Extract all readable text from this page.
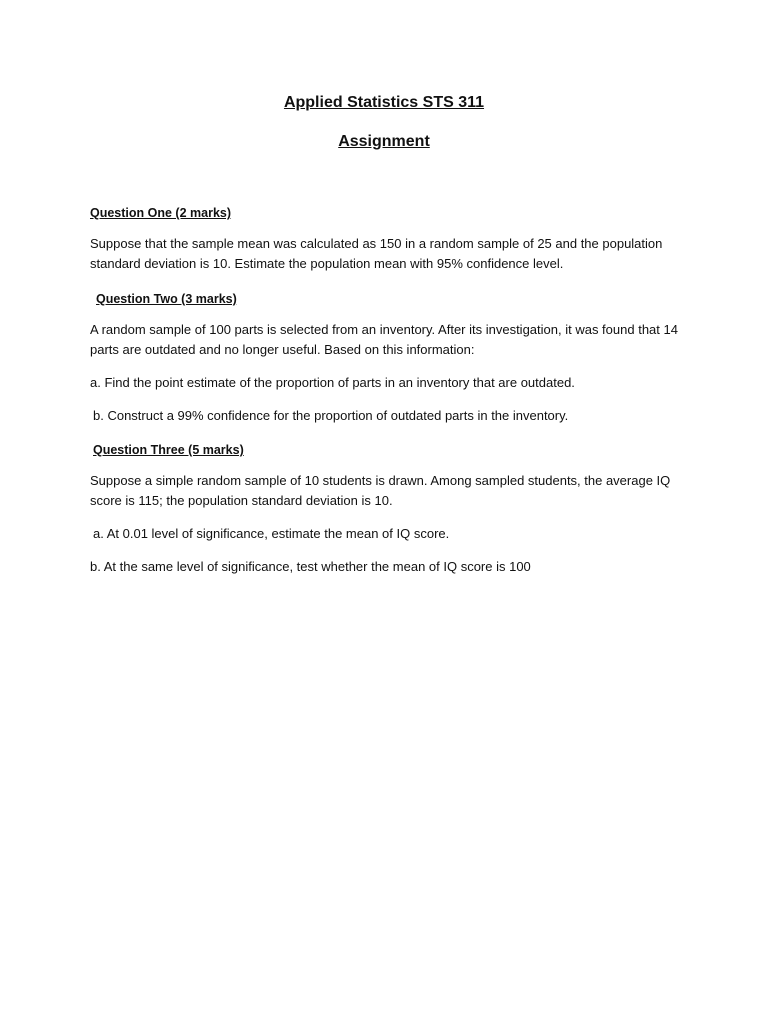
Applied Statistics STS 311
Assignment

Question One (2 marks)

Suppose that the sample mean was calculated as 150 in a random sample of 25 and the population standard deviation is 10. Estimate the population mean with 95% confidence level.

Question Two (3 marks)

A random sample of 100 parts is selected from an inventory. After its investigation, it was found that 14 parts are outdated and no longer useful. Based on this information:

a. Find the point estimate of the proportion of parts in an inventory that are outdated.

b. Construct a 99% confidence for the proportion of outdated parts in the inventory.

Question Three (5 marks)

Suppose a simple random sample of 10 students is drawn. Among sampled students, the average IQ score is 115; the population standard deviation is 10.

a. At 0.01 level of significance, estimate the mean of IQ score.

b. At the same level of significance, test whether the mean of IQ score is 100
